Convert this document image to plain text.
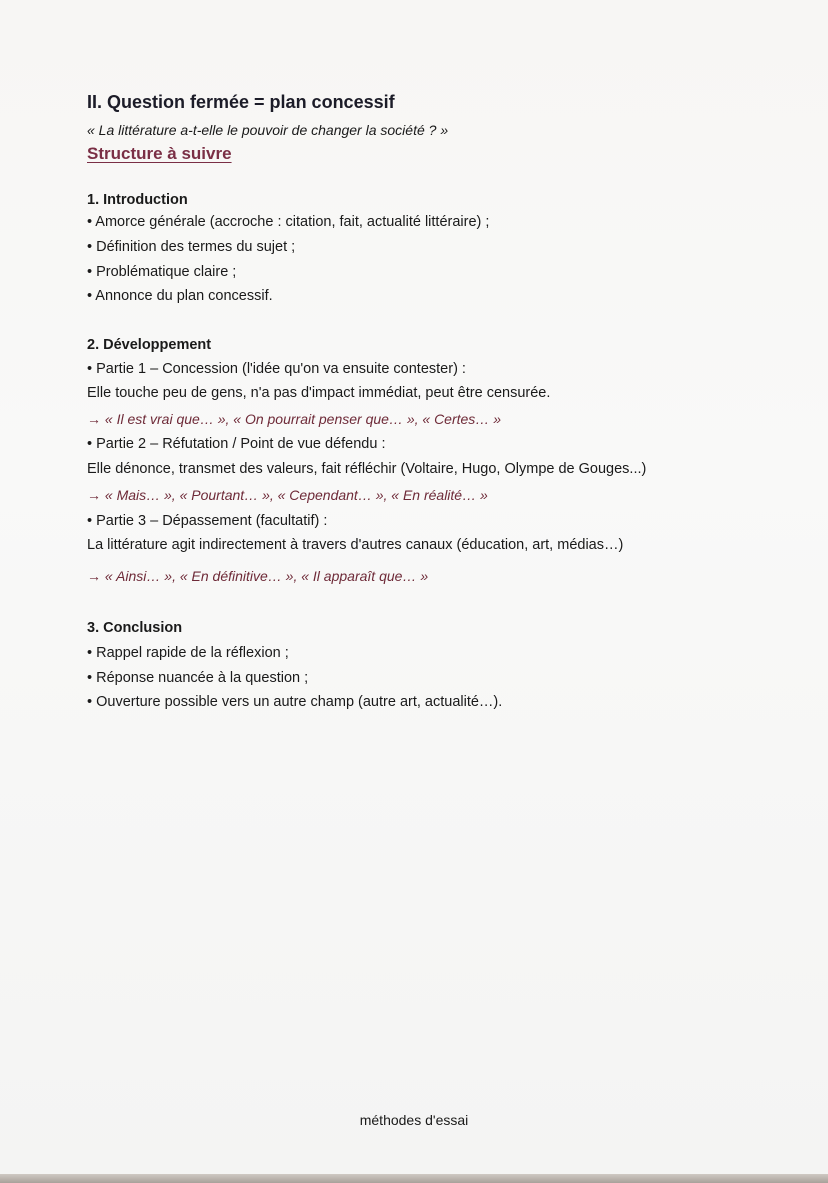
II. Question fermée = plan concessif
« La littérature a-t-elle le pouvoir de changer la société ? »
Structure à suivre
1. Introduction
• Amorce générale (accroche : citation, fait, actualité littéraire) ;
• Définition des termes du sujet ;
• Problématique claire ;
• Annonce du plan concessif.
2. Développement
• Partie 1 – Concession (l'idée qu'on va ensuite contester) :
Elle touche peu de gens, n'a pas d'impact immédiat, peut être censurée.
→ « Il est vrai que… », « On pourrait penser que… », « Certes… »
• Partie 2 – Réfutation / Point de vue défendu :
Elle dénonce, transmet des valeurs, fait réfléchir (Voltaire, Hugo, Olympe de Gouges...)
→ « Mais… », « Pourtant… », « Cependant… », « En réalité… »
• Partie 3 – Dépassement (facultatif) :
La littérature agit indirectement à travers d'autres canaux (éducation, art, médias…)
→ « Ainsi… », « En définitive… », « Il apparaît que… »
3. Conclusion
• Rappel rapide de la réflexion ;
• Réponse nuancée à la question ;
• Ouverture possible vers un autre champ (autre art, actualité…).
méthodes d'essai
